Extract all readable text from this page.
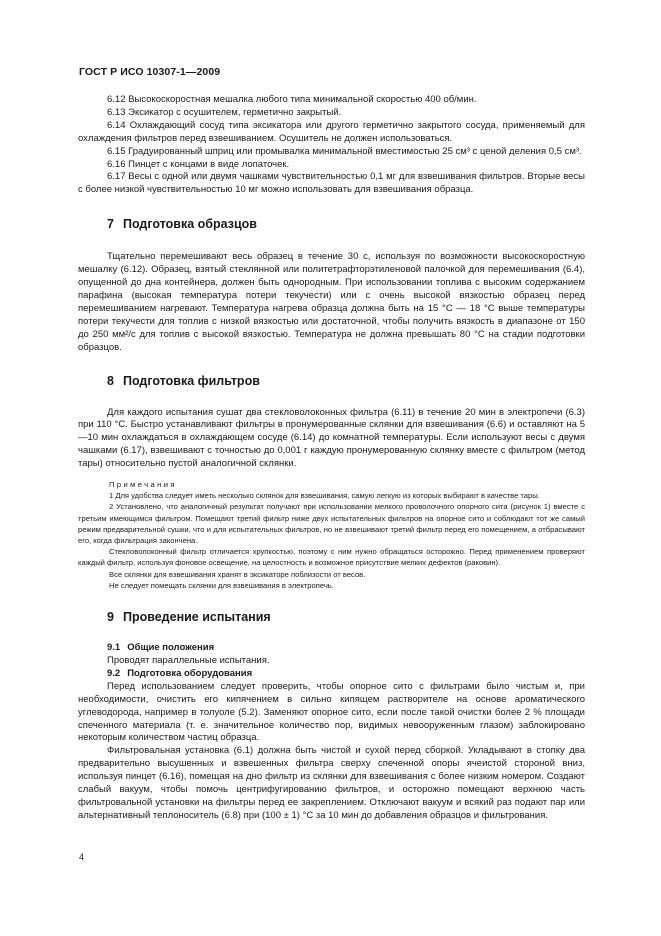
ГОСТ Р ИСО 10307-1—2009

6.12 Высокоскоростная мешалка любого типа минимальной скоростью 400 об/мин.

6.13 Эксикатор с осушителем, герметично закрытый.

6.14 Охлаждающий сосуд типа эксикатора или другого герметично закрытого сосуда, применяемый для охлаждения фильтров перед взвешиванием. Осушитель не должен использоваться.

6.15 Градуированный шприц или промывалка минимальной вместимостью 25 см³ с ценой деления 0,5 см³.

6.16 Пинцет с концами в виде лопаточек.

6.17 Весы с одной или двумя чашками чувствительностью 0,1 мг для взвешивания фильтров. Вторые весы с более низкой чувствительностью 10 мг можно использовать для взвешивания образца.

7 Подготовка образцов

Тщательно перемешивают весь образец в течение 30 с, используя по возможности высокоскоростную мешалку (6.12). Образец, взятый стеклянной или политетрафторэтиленовой палочкой для перемешивания (6.4), опущенной до дна контейнера, должен быть однородным. При использовании топлива с высоким содержанием парафина (высокая температура потери текучести) или с очень высокой вязкостью образец перед перемешиванием нагревают. Температура нагрева образца должна быть на 15 °С — 18 °С выше температуры потери текучести для топлив с низкой вязкостью или достаточной, чтобы получить вязкость в диапазоне от 150 до 250 мм²/с для топлив с высокой вязкостью. Температура не должна превышать 80 °С на стадии подготовки образцов.

8 Подготовка фильтров

Для каждого испытания сушат два стекловолоконных фильтра (6.11) в течение 20 мин в электропечи (6.3) при 110 °С. Быстро устанавливают фильтры в пронумерованные склянки для взвешивания (6.6) и оставляют на 5—10 мин охлаждаться в охлаждающем сосуде (6.14) до комнатной температуры. Если используют весы с двумя чашками (6.17), взвешивают с точностью до 0,001 г каждую пронумерованную склянку вместе с фильтром (метод тары) относительно пустой аналогичной склянки.

Примечания

1 Для удобства следует иметь несколько склянок для взвешивания, самую легкую из которых выбирают в качестве тары.

2 Установлено, что аналогичный результат получают при использовании мелкого проволочного опорного сита (рисунок 1) вместе с третьим имеющимся фильтром. Помещают третий фильтр ниже двух испытательных фильтров на опорное сито и соблюдают тот же самый режим предварительной сушки, что и для испытательных фильтров, но не взвешивают третий фильтр перед его помещением, а отбрасывают его, когда фильтрация закончена.

Стекловолоконный фильтр отличается хрупкостью, поэтому с ним нужно обращаться осторожно. Перед применением проверяют каждый фильтр, используя фоновое освещение, на целостность и возможное присутствие мелких дефектов (раковин).

Все склянки для взвешивания хранят в эксикаторе поблизости от весов.

Не следует помещать склянки для взвешивания в электропечь.

9 Проведение испытания

9.1 Общие положения

Проводят параллельные испытания.

9.2 Подготовка оборудования

Перед использованием следует проверить, чтобы опорное сито с фильтрами было чистым и, при необходимости, очистить его кипячением в сильно кипящем растворителе на основе ароматического углеводорода, например в толуоле (5.2). Заменяют опорное сито, если после такой очистки более 2 % площади спеченного материала (т. е. значительное количество пор, видимых невооруженным глазом) заблокировано некоторым количеством частиц образца.

Фильтровальная установка (6.1) должна быть чистой и сухой перед сборкой. Укладывают в стопку два предварительно высушенных и взвешенных фильтра сверху спеченной опоры ячеистой стороной вниз, используя пинцет (6.16), помещая на дно фильтр из склянки для взвешивания с более низким номером. Создают слабый вакуум, чтобы помочь центрифугированию фильтров, и осторожно помещают верхнюю часть фильтровальной установки на фильтры перед ее закреплением. Отключают вакуум и всякий раз подают пар или альтернативный теплоноситель (6.8) при (100 ± 1) °С за 10 мин до добавления образцов и фильтрования.

4
